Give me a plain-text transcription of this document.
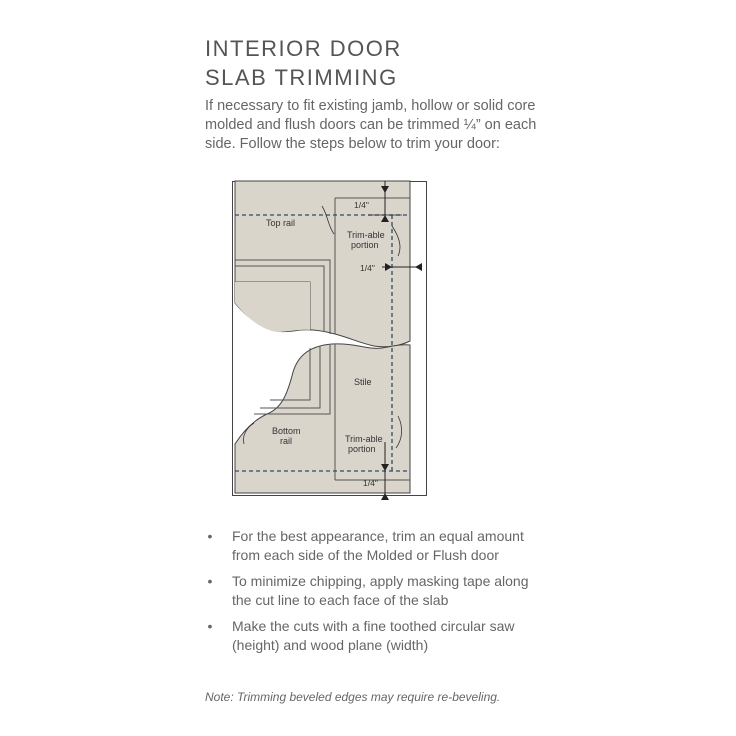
INTERIOR DOOR
SLAB TRIMMING

If necessary to fit existing jamb, hollow or solid core molded and flush doors can be trimmed ¼” on each side. Follow the steps below to trim your door:

1/4"
Top rail
Trim-able
portion
1/4"
Stile
Bottom
rail	Trim-able
portion
1/4"
• For the best appearance, trim an equal amount from each side of the Molded or Flush door
• To minimize chipping, apply masking tape along the cut line to each face of the slab
• Make the cuts with a fine toothed circular saw (height) and wood plane (width)

Note: Trimming beveled edges may require re-beveling.
